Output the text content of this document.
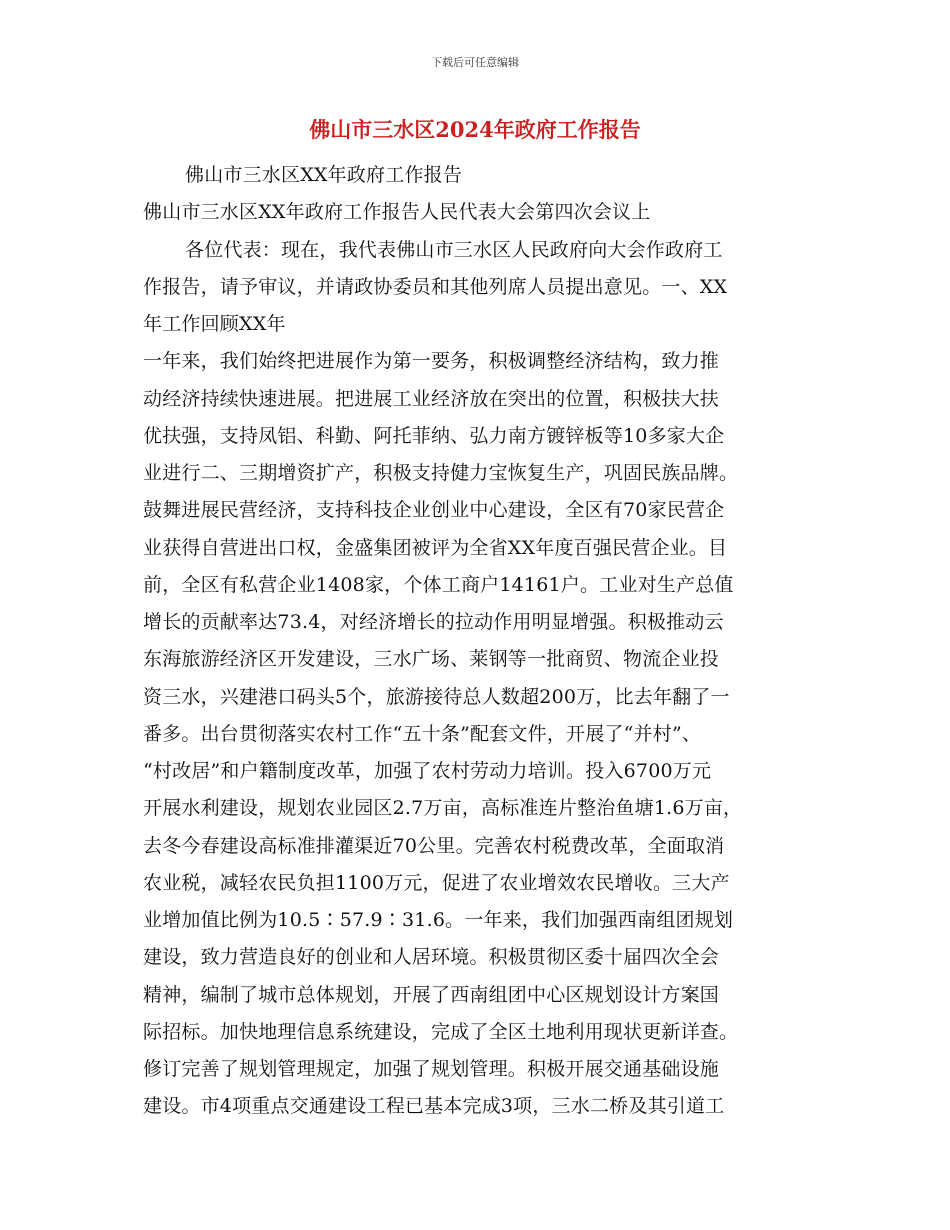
下载后可任意编辑
佛山市三水区2024年政府工作报告
佛山市三水区XX年政府工作报告
佛山市三水区XX年政府工作报告人民代表大会第四次会议上
各位代表：现在，我代表佛山市三水区人民政府向大会作政府工
作报告，请予审议，并请政协委员和其他列席人员提出意见。一、XX
年工作回顾XX年
一年来，我们始终把进展作为第一要务，积极调整经济结构，致力推
动经济持续快速进展。把进展工业经济放在突出的位置，积极扶大扶
优扶强，支持凤铝、科勤、阿托菲纳、弘力南方镀锌板等10多家大企
业进行二、三期增资扩产，积极支持健力宝恢复生产，巩固民族品牌。
鼓舞进展民营经济，支持科技企业创业中心建设，全区有70家民营企
业获得自营进出口权，金盛集团被评为全省XX年度百强民营企业。目
前，全区有私营企业1408家，个体工商户14161户。工业对生产总值
增长的贡献率达73.4，对经济增长的拉动作用明显增强。积极推动云
东海旅游经济区开发建设，三水广场、莱钢等一批商贸、物流企业投
资三水，兴建港口码头5个，旅游接待总人数超200万，比去年翻了一
番多。出台贯彻落实农村工作“五十条”配套文件，开展了“并村”、
“村改居”和户籍制度改革，加强了农村劳动力培训。投入6700万元
开展水利建设，规划农业园区2.7万亩，高标准连片整治鱼塘1.6万亩，
去冬今春建设高标准排灌渠近70公里。完善农村税费改革，全面取消
农业税，减轻农民负担1100万元，促进了农业增效农民增收。三大产
业增加值比例为10.5∶57.9∶31.6。一年来，我们加强西南组团规划
建设，致力营造良好的创业和人居环境。积极贯彻区委十届四次全会
精神，编制了城市总体规划，开展了西南组团中心区规划设计方案国
际招标。加快地理信息系统建设，完成了全区土地利用现状更新详查。
修订完善了规划管理规定，加强了规划管理。积极开展交通基础设施
建设。市4项重点交通建设工程已基本完成3项，三水二桥及其引道工
